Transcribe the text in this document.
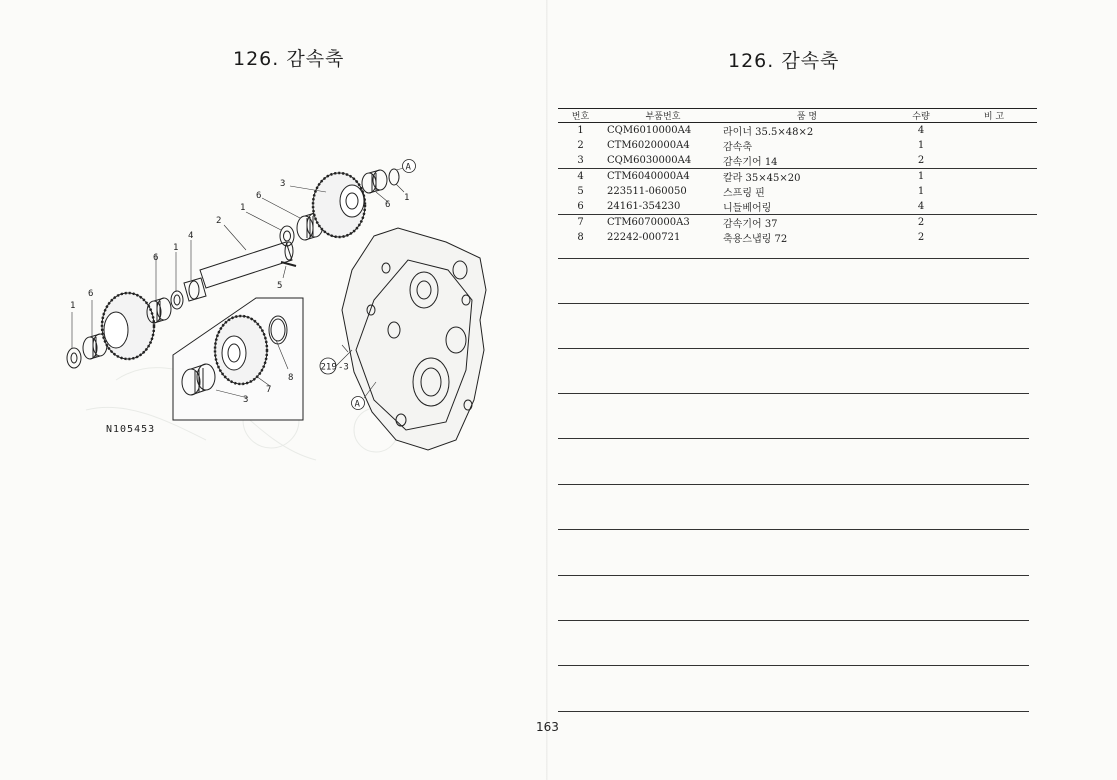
126. 감속축
1
6
6
1
4
2
1
6
3
5
6
1
3
7
8
A
A
219 -3
N105453
126. 감속축
번호	부품번호	품 명	수량	비 고
1	CQM6010000A4	라이너 35.5×48×2	4	
2	CTM6020000A4	감속축	1	
3	CQM6030000A4	감속기어 14	2	
4	CTM6040000A4	칼라 35×45×20	1	
5	223511-060050	스프링 핀	1	
6	24161-354230	니들베어링	4	
7	CTM6070000A3	감속기어 37	2	
8	22242-000721	축용스냅링 72	2	
163
